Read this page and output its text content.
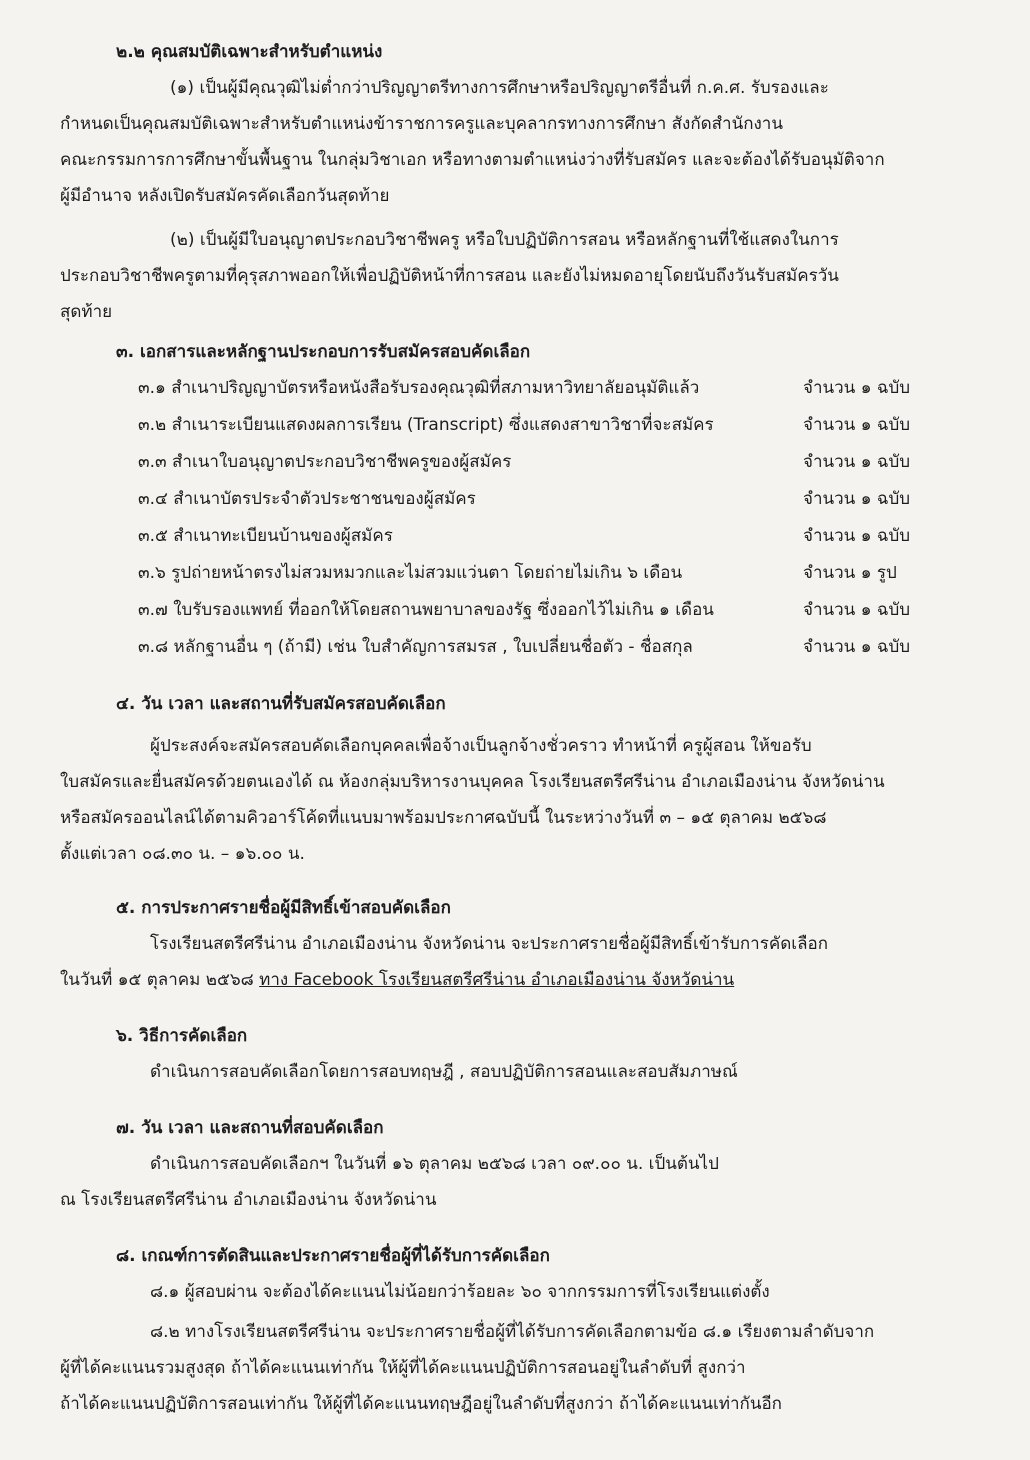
๒.๒ คุณสมบัติเฉพาะสำหรับตำแหน่ง
(๑) เป็นผู้มีคุณวุฒิไม่ต่ำกว่าปริญญาตรีทางการศึกษาหรือปริญญาตรีอื่นที่ ก.ค.ศ. รับรองและ
กำหนดเป็นคุณสมบัติเฉพาะสำหรับตำแหน่งข้าราชการครูและบุคลากรทางการศึกษา สังกัดสำนักงาน
คณะกรรมการการศึกษาขั้นพื้นฐาน ในกลุ่มวิชาเอก หรือทางตามตำแหน่งว่างที่รับสมัคร และจะต้องได้รับอนุมัติจาก
ผู้มีอำนาจ หลังเปิดรับสมัครคัดเลือกวันสุดท้าย
(๒) เป็นผู้มีใบอนุญาตประกอบวิชาชีพครู หรือใบปฏิบัติการสอน หรือหลักฐานที่ใช้แสดงในการ
ประกอบวิชาชีพครูตามที่คุรุสภาพออกให้เพื่อปฏิบัติหน้าที่การสอน และยังไม่หมดอายุโดยนับถึงวันรับสมัครวัน
สุดท้าย
๓. เอกสารและหลักฐานประกอบการรับสมัครสอบคัดเลือก
๓.๑ สำเนาปริญญาบัตรหรือหนังสือรับรองคุณวุฒิที่สภามหาวิทยาลัยอนุมัติแล้ว	จำนวน ๑ ฉบับ
๓.๒ สำเนาระเบียนแสดงผลการเรียน (Transcript) ซึ่งแสดงสาขาวิชาที่จะสมัคร	จำนวน ๑ ฉบับ
๓.๓ สำเนาใบอนุญาตประกอบวิชาชีพครูของผู้สมัคร	จำนวน ๑ ฉบับ
๓.๔ สำเนาบัตรประจำตัวประชาชนของผู้สมัคร	จำนวน ๑ ฉบับ
๓.๕ สำเนาทะเบียนบ้านของผู้สมัคร	จำนวน ๑ ฉบับ
๓.๖ รูปถ่ายหน้าตรงไม่สวมหมวกและไม่สวมแว่นตา โดยถ่ายไม่เกิน ๖ เดือน	จำนวน ๑ รูป
๓.๗ ใบรับรองแพทย์ ที่ออกให้โดยสถานพยาบาลของรัฐ ซึ่งออกไว้ไม่เกิน ๑ เดือน	จำนวน ๑ ฉบับ
๓.๘ หลักฐานอื่น ๆ (ถ้ามี) เช่น ใบสำคัญการสมรส , ใบเปลี่ยนชื่อตัว - ชื่อสกุล	จำนวน ๑ ฉบับ
๔. วัน เวลา และสถานที่รับสมัครสอบคัดเลือก
ผู้ประสงค์จะสมัครสอบคัดเลือกบุคคลเพื่อจ้างเป็นลูกจ้างชั่วคราว ทำหน้าที่ ครูผู้สอน ให้ขอรับ
ใบสมัครและยื่นสมัครด้วยตนเองได้ ณ ห้องกลุ่มบริหารงานบุคคล โรงเรียนสตรีศรีน่าน อำเภอเมืองน่าน จังหวัดน่าน
หรือสมัครออนไลน์ได้ตามคิวอาร์โค้ดที่แนบมาพร้อมประกาศฉบับนี้ ในระหว่างวันที่ ๓ – ๑๕ ตุลาคม ๒๕๖๘
ตั้งแต่เวลา ๐๘.๓๐ น. – ๑๖.๐๐ น.
๕. การประกาศรายชื่อผู้มีสิทธิ์เข้าสอบคัดเลือก
โรงเรียนสตรีศรีน่าน อำเภอเมืองน่าน จังหวัดน่าน จะประกาศรายชื่อผู้มีสิทธิ์เข้ารับการคัดเลือก
ในวันที่ ๑๕ ตุลาคม ๒๕๖๘ ทาง Facebook โรงเรียนสตรีศรีน่าน อำเภอเมืองน่าน จังหวัดน่าน
๖. วิธีการคัดเลือก
ดำเนินการสอบคัดเลือกโดยการสอบทฤษฎี , สอบปฏิบัติการสอนและสอบสัมภาษณ์
๗. วัน เวลา และสถานที่สอบคัดเลือก
ดำเนินการสอบคัดเลือกฯ ในวันที่ ๑๖ ตุลาคม ๒๕๖๘ เวลา ๐๙.๐๐ น. เป็นต้นไป
ณ โรงเรียนสตรีศรีน่าน อำเภอเมืองน่าน จังหวัดน่าน
๘. เกณฑ์การตัดสินและประกาศรายชื่อผู้ที่ได้รับการคัดเลือก
๘.๑ ผู้สอบผ่าน จะต้องได้คะแนนไม่น้อยกว่าร้อยละ ๖๐ จากกรรมการที่โรงเรียนแต่งตั้ง
๘.๒ ทางโรงเรียนสตรีศรีน่าน จะประกาศรายชื่อผู้ที่ได้รับการคัดเลือกตามข้อ ๘.๑ เรียงตามลำดับจาก
ผู้ที่ได้คะแนนรวมสูงสุด ถ้าได้คะแนนเท่ากัน ให้ผู้ที่ได้คะแนนปฏิบัติการสอนอยู่ในลำดับที่ สูงกว่า
ถ้าได้คะแนนปฏิบัติการสอนเท่ากัน ให้ผู้ที่ได้คะแนนทฤษฎีอยู่ในลำดับที่สูงกว่า ถ้าได้คะแนนเท่ากันอีก
